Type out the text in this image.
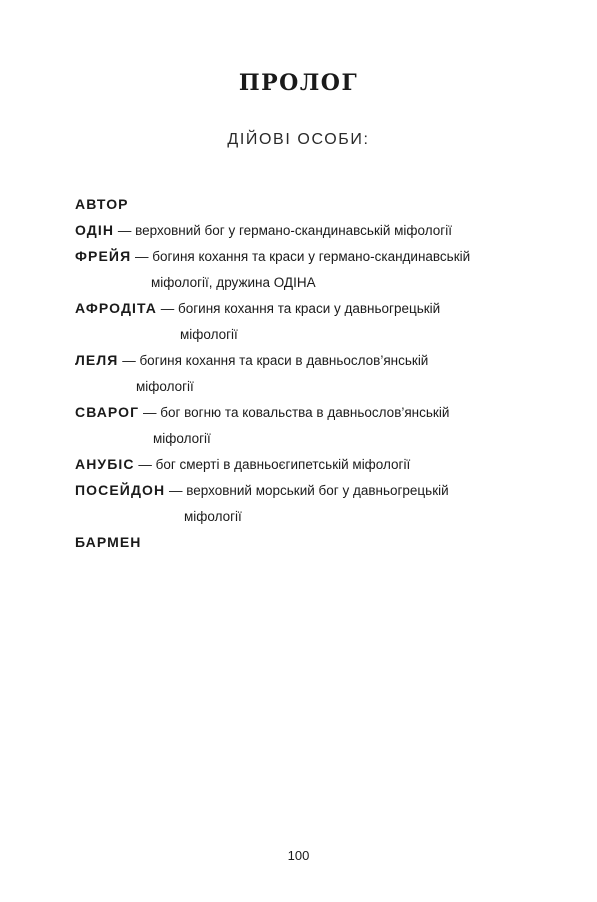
ПРОЛОГ
ДІЙОВІ ОСОБИ:
АВТОР
ОДІН — верховний бог у германо-скандинавській міфології
ФРЕЙЯ — богиня кохання та краси у германо-скандинавській
міфології, дружина ОДІНА
АФРОДІТА — богиня кохання та краси у давньогрецькій
міфології
ЛЕЛЯ — богиня кохання та краси в давньослов’янській
міфології
СВАРОГ — бог вогню та ковальства в давньослов’янській
міфології
АНУБІС — бог смерті в давньоєгипетській міфології
ПОСЕЙДОН — верховний морський бог у давньогрецькій
міфології
БАРМЕН
100
